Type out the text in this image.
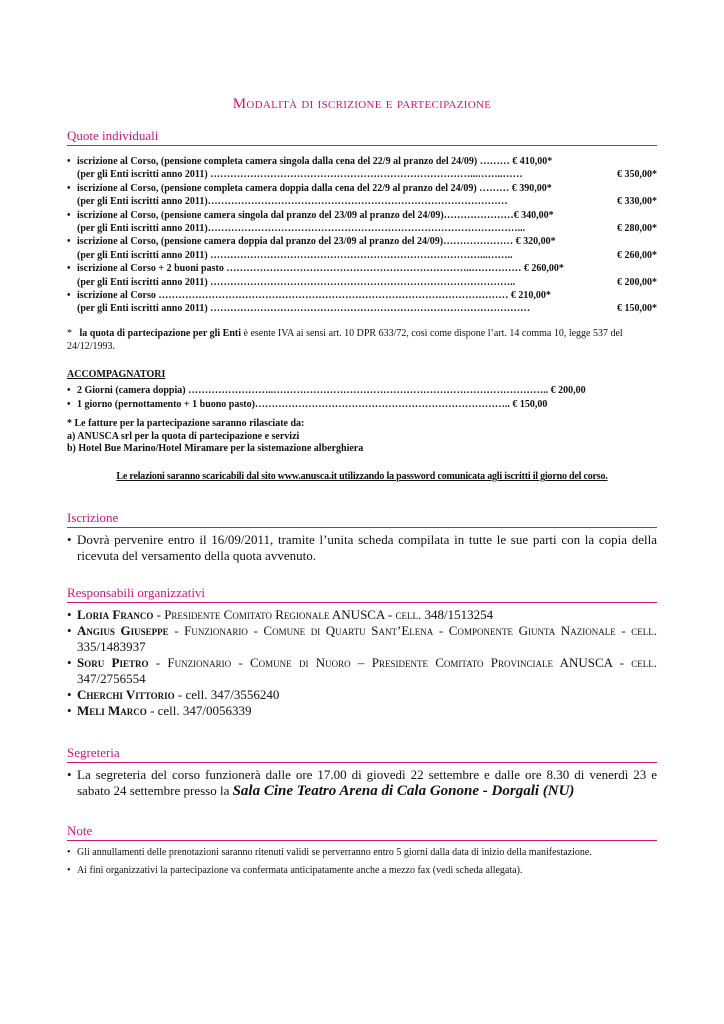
Modalità di iscrizione e partecipazione
Quote individuali
• iscrizione al Corso, (pensione completa camera singola dalla cena del 22/9 al pranzo del 24/09) ……… € 410,00*
(per gli Enti iscritti anno 2011) ……………………………………………………………………...……..……	€ 350,00*
• iscrizione al Corso, (pensione completa camera doppia dalla cena del 22/9 al pranzo del 24/09) ……… € 390,00*
(per gli Enti iscritti anno 2011)………………………………………………………………………………	€ 330,00*
• iscrizione al Corso, (pensione camera singola dal pranzo del 23/09 al pranzo del 24/09)…………………€ 340,00*
(per gli Enti iscritti anno 2011)…………………………………………………………………………………...	€ 280,00*
• iscrizione al Corso, (pensione camera doppia dal pranzo del 23/09 al pranzo del 24/09)………………… € 320,00*
(per gli Enti iscritti anno 2011) ………………………………………………………………………...……..	€ 260,00*
• iscrizione al Corso + 2 buoni pasto ………………………………………………………………..…………… € 260,00*
(per gli Enti iscritti anno 2011) ………………………………………………………………………………..	€ 200,00*
• iscrizione al Corso …………………………………………………………………………………………… € 210,00*
(per gli Enti iscritti anno 2011) ……………………………………………………………………………………	€ 150,00*
* la quota di partecipazione per gli Enti è esente IVA ai sensi art. 10 DPR 633/72, così come dispone l’art. 14 comma 10, legge 537 del 24/12/1993.
ACCOMPAGNATORI
• 2 Giorni (camera doppia) ……………………..……………………………………………………………………….. € 200,00
• 1 giorno (pernottamento + 1 buono pasto)………………………………………………………………….. € 150,00
* Le fatture per la partecipazione saranno rilasciate da:
a) ANUSCA srl per la quota di partecipazione e servizi
b) Hotel Bue Marino/Hotel Miramare per la sistemazione alberghiera
Le relazioni saranno scaricabili dal sito www.anusca.it utilizzando la password comunicata agli iscritti il giorno del corso.
Iscrizione
• Dovrà pervenire entro il 16/09/2011, tramite l’unita scheda compilata in tutte le sue parti con la copia della ricevuta del versamento della quota avvenuto.
Responsabili organizzativi
• Loria Franco - Presidente Comitato Regionale ANUSCA - cell. 348/1513254
• Angius Giuseppe - Funzionario - Comune di Quartu Sant’Elena - Componente Giunta Nazionale - cell. 335/1483937
• Soru Pietro - Funzionario - Comune di Nuoro – Presidente Comitato Provinciale ANUSCA - cell. 347/2756554
• Cherchi Vittorio - cell. 347/3556240
• Meli Marco - cell. 347/0056339
Segreteria
• La segreteria del corso funzionerà dalle ore 17.00 di giovedì 22 settembre e dalle ore 8.30 di venerdì 23 e sabato 24 settembre presso la Sala Cine Teatro Arena di Cala Gonone - Dorgali (NU)
Note
• Gli annullamenti delle prenotazioni saranno ritenuti validi se perverranno entro 5 giorni dalla data di inizio della manifestazione.
• Ai fini organizzativi la partecipazione va confermata anticipatamente anche a mezzo fax (vedi scheda allegata).
